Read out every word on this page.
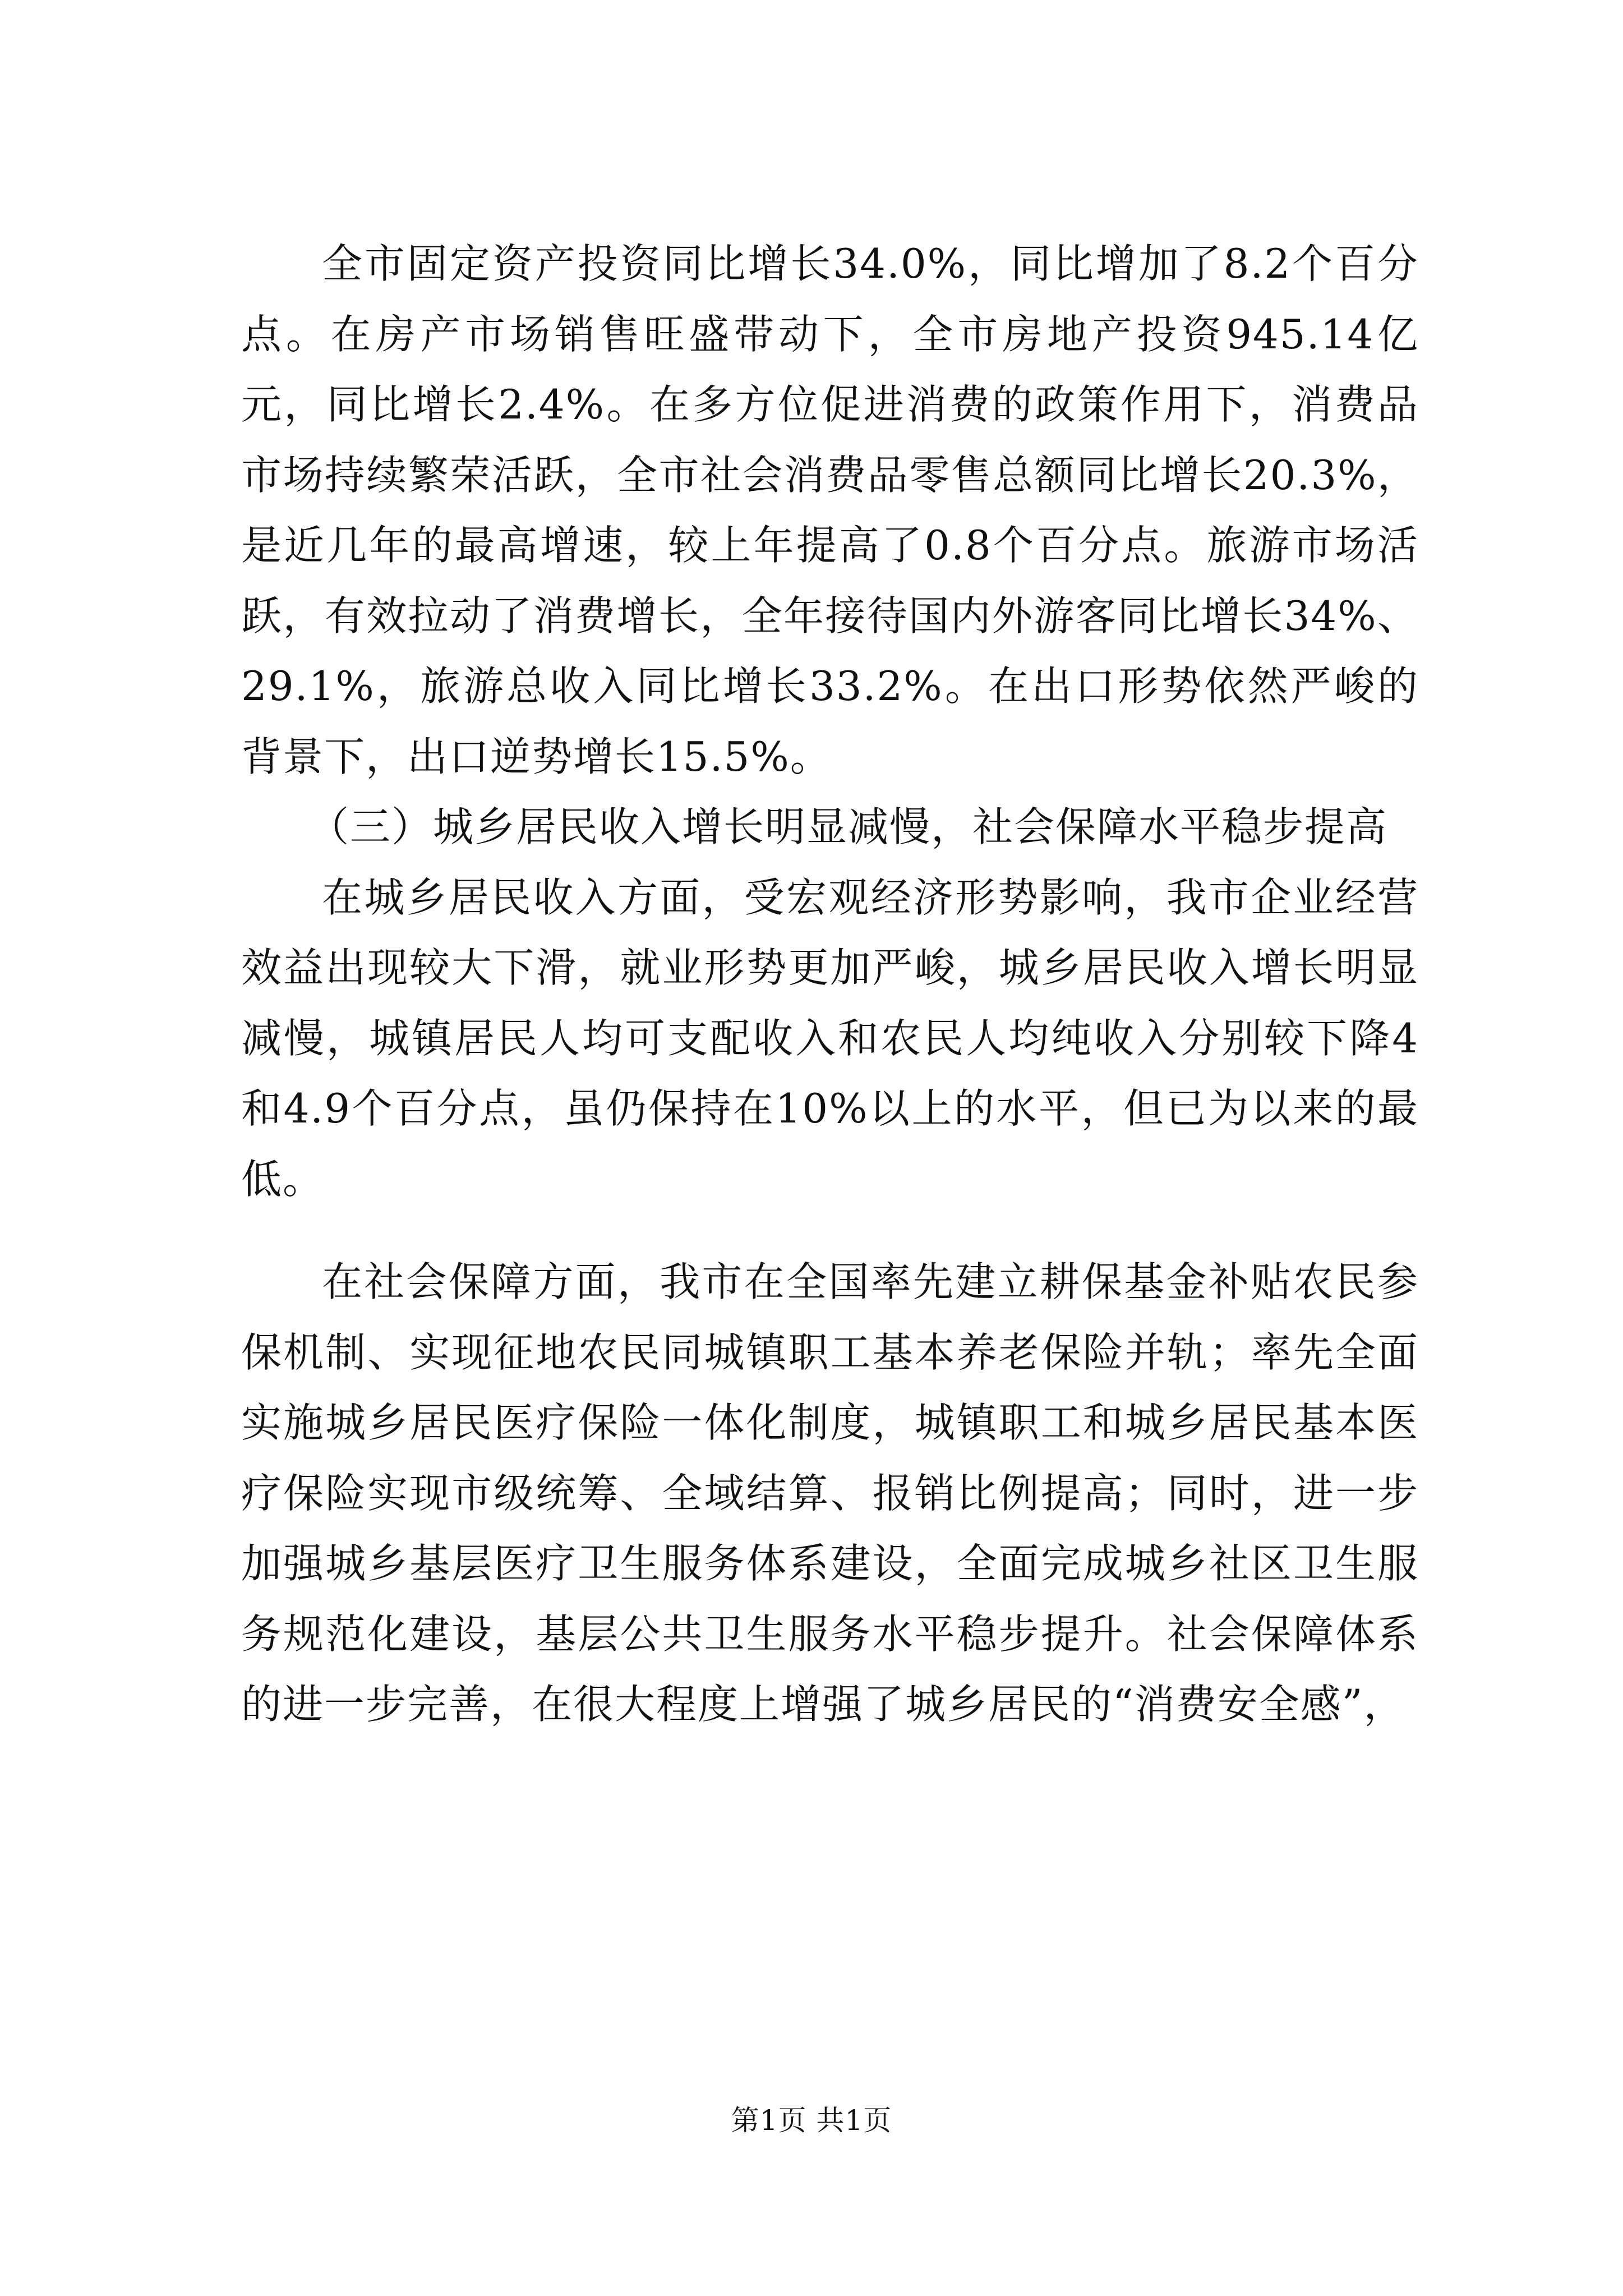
全市固定资产投资同比增长34.0%，同比增加了8.2个百分点。在房产市场销售旺盛带动下，全市房地产投资945.14亿元，同比增长2.4%。在多方位促进消费的政策作用下，消费品市场持续繁荣活跃，全市社会消费品零售总额同比增长20.3%，是近几年的最高增速，较上年提高了0.8个百分点。旅游市场活跃，有效拉动了消费增长，全年接待国内外游客同比增长34%、29.1%，旅游总收入同比增长33.2%。在出口形势依然严峻的背景下，出口逆势增长15.5%。

（三）城乡居民收入增长明显减慢，社会保障水平稳步提高

在城乡居民收入方面，受宏观经济形势影响，我市企业经营效益出现较大下滑，就业形势更加严峻，城乡居民收入增长明显减慢，城镇居民人均可支配收入和农民人均纯收入分别较下降4和4.9个百分点，虽仍保持在10%以上的水平，但已为以来的最低。

在社会保障方面，我市在全国率先建立耕保基金补贴农民参保机制、实现征地农民同城镇职工基本养老保险并轨；率先全面实施城乡居民医疗保险一体化制度，城镇职工和城乡居民基本医疗保险实现市级统筹、全域结算、报销比例提高；同时，进一步加强城乡基层医疗卫生服务体系建设，全面完成城乡社区卫生服务规范化建设，基层公共卫生服务水平稳步提升。社会保障体系的进一步完善，在很大程度上增强了城乡居民的“消费安全感”，

第1页 共1页
